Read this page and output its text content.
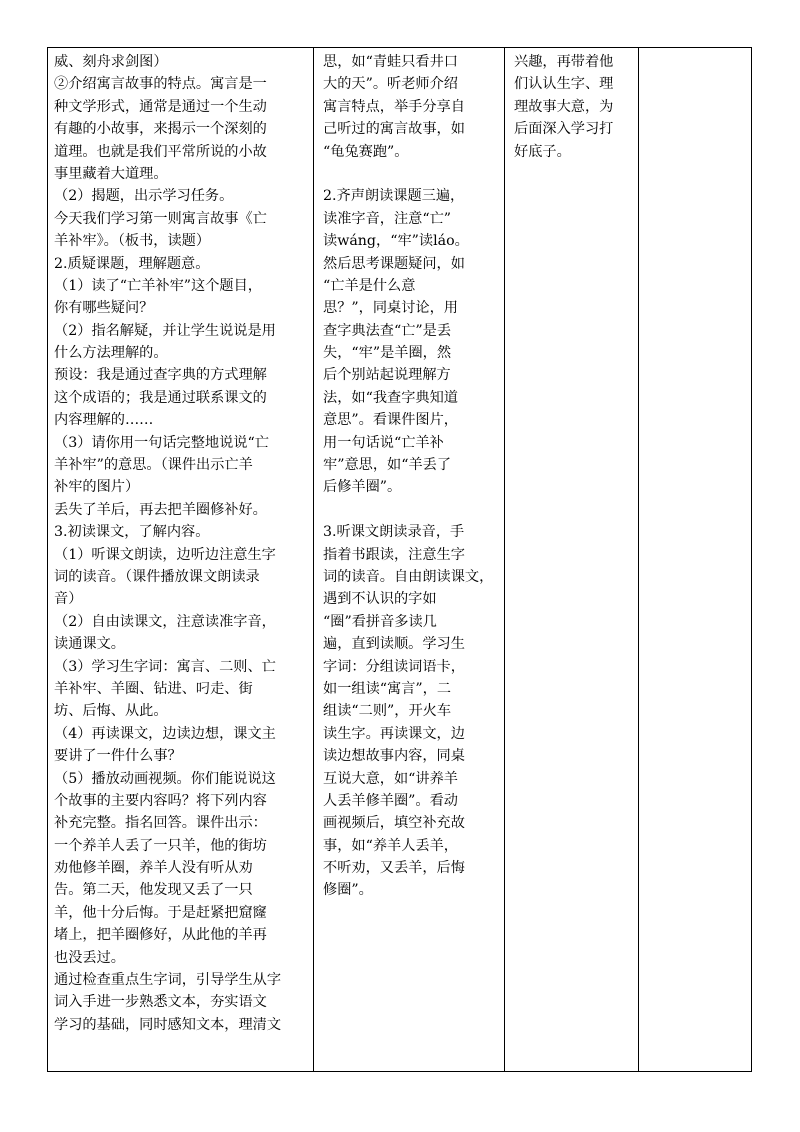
威、刻舟求剑图）
②介绍寓言故事的特点。寓言是一
种文学形式，通常是通过一个生动
有趣的小故事，来揭示一个深刻的
道理。也就是我们平常所说的小故
事里藏着大道理。
（2）揭题，出示学习任务。
今天我们学习第一则寓言故事《亡
羊补牢》。（板书，读题）
2.质疑课题，理解题意。
（1）读了“亡羊补牢”这个题目，
你有哪些疑问？
（2）指名解疑，并让学生说说是用
什么方法理解的。
预设：我是通过查字典的方式理解
这个成语的；我是通过联系课文的
内容理解的……
（3）请你用一句话完整地说说“亡
羊补牢”的意思。（课件出示亡羊
补牢的图片）
丢失了羊后，再去把羊圈修补好。
3.初读课文，了解内容。
（1）听课文朗读，边听边注意生字
词的读音。（课件播放课文朗读录
音）
（2）自由读课文，注意读准字音，
读通课文。
（3）学习生字词：寓言、二则、亡
羊补牢、羊圈、钻进、叼走、街
坊、后悔、从此。
（4）再读课文，边读边想，课文主
要讲了一件什么事？
（5）播放动画视频。你们能说说这
个故事的主要内容吗？将下列内容
补充完整。指名回答。课件出示：
一个养羊人丢了一只羊，他的街坊
劝他修羊圈，养羊人没有听从劝
告。第二天，他发现又丢了一只
羊，他十分后悔。于是赶紧把窟窿
堵上，把羊圈修好，从此他的羊再
也没丢过。
通过检查重点生字词，引导学生从字
词入手进一步熟悉文本，夯实语文
学习的基础，同时感知文本，理清文
思，如“青蛙只看井口
大的天”。听老师介绍
寓言特点，举手分享自
己听过的寓言故事，如
“龟兔赛跑”。

2.齐声朗读课题三遍，
读准字音，注意“亡”
读wáng，“牢”读láo。
然后思考课题疑问，如
“亡羊是什么意
思？”，同桌讨论，用
查字典法查“亡”是丢
失，“牢”是羊圈，然
后个别站起说理解方
法，如“我查字典知道
意思”。看课件图片，
用一句话说“亡羊补
牢”意思，如“羊丢了
后修羊圈”。

3.听课文朗读录音，手
指着书跟读，注意生字
词的读音。自由朗读课文，
遇到不认识的字如
“圈”看拼音多读几
遍，直到读顺。学习生
字词：分组读词语卡，
如一组读“寓言”，二
组读“二则”，开火车
读生字。再读课文，边
读边想故事内容，同桌
互说大意，如“讲养羊
人丢羊修羊圈”。看动
画视频后，填空补充故
事，如“养羊人丢羊，
不听劝，又丢羊，后悔
修圈”。
兴趣，再带着他
们认认生字、理
理故事大意，为
后面深入学习打
好底子。
